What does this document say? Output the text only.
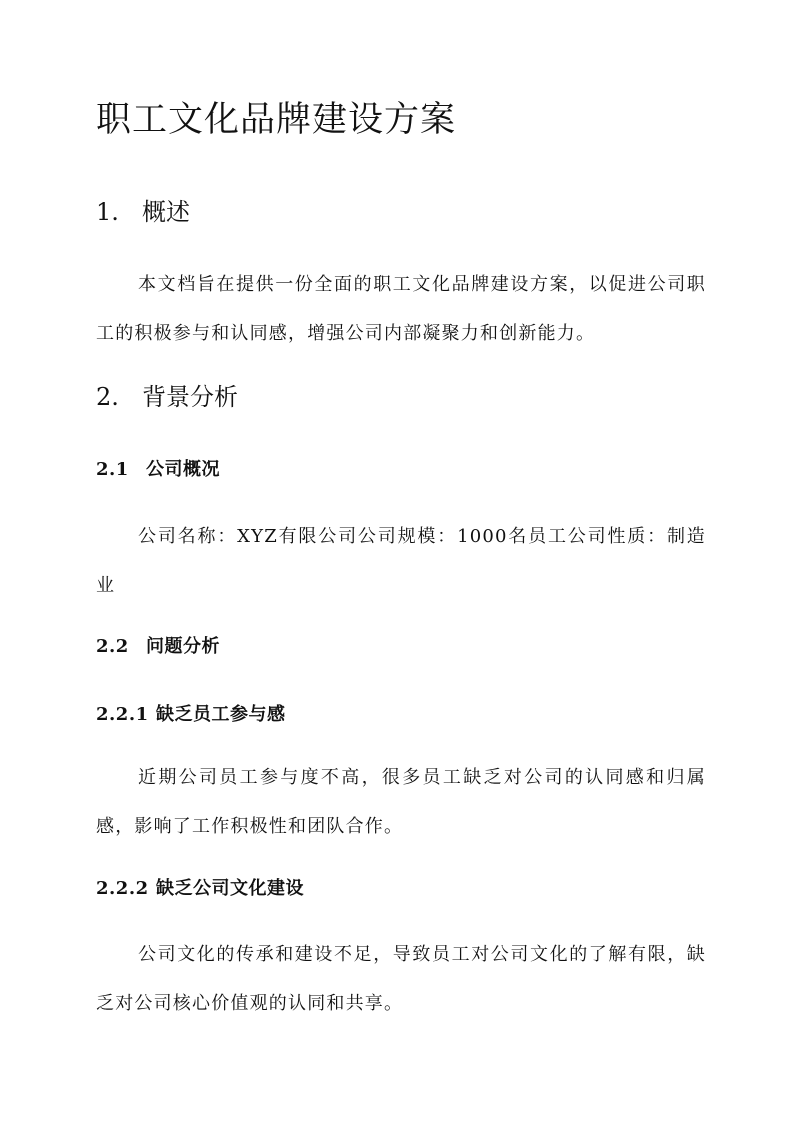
职工文化品牌建设方案
1. 概述

本文档旨在提供一份全面的职工文化品牌建设方案，以促进公司职工的积极参与和认同感，增强公司内部凝聚力和创新能力。

2. 背景分析
2.1 公司概况

公司名称：XYZ有限公司公司规模：1000名员工公司性质：制造业

2.2 问题分析
2.2.1 缺乏员工参与感

近期公司员工参与度不高，很多员工缺乏对公司的认同感和归属感，影响了工作积极性和团队合作。

2.2.2 缺乏公司文化建设

公司文化的传承和建设不足，导致员工对公司文化的了解有限，缺乏对公司核心价值观的认同和共享。
